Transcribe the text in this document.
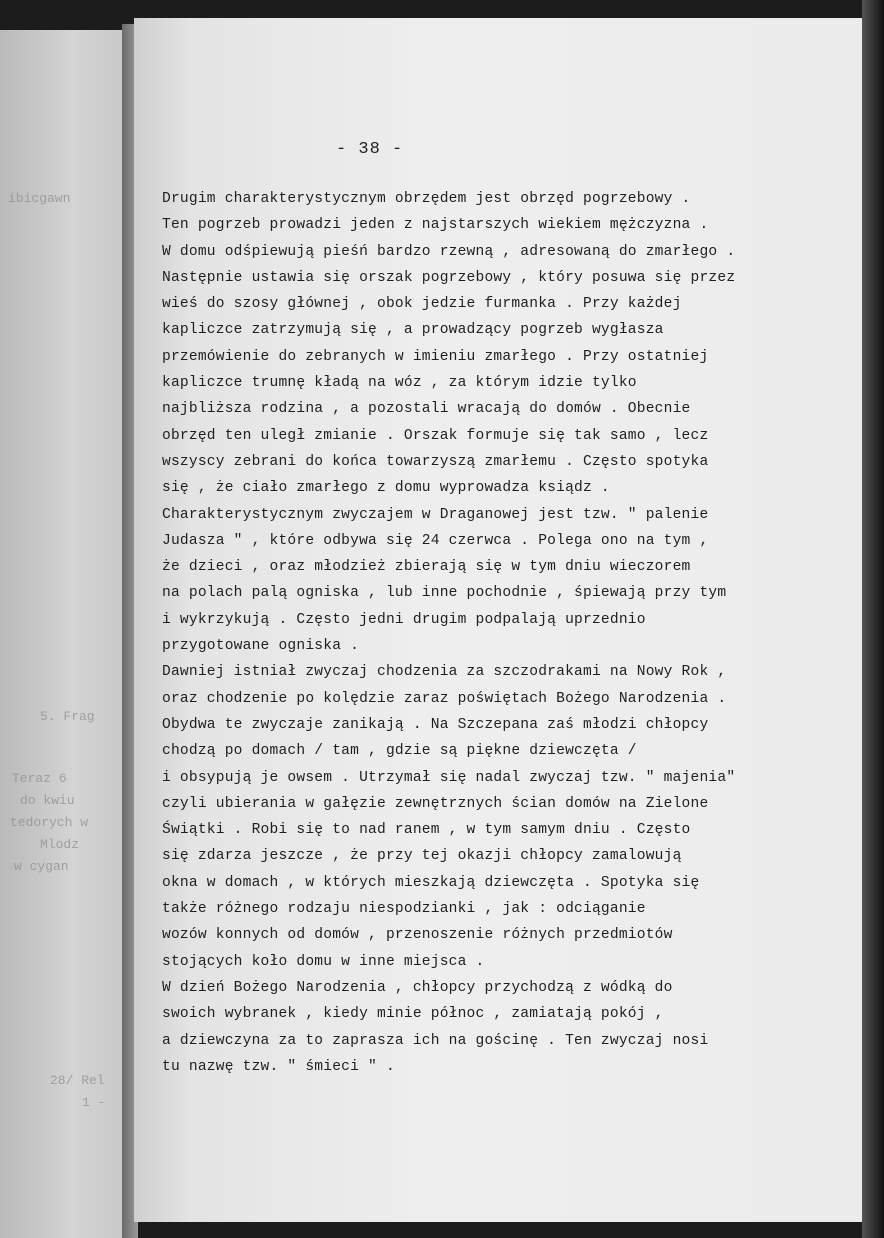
ibicgawn
5. Frag
Teraz 6
do kwiu
tedorych w
Mlodz
w cygan
28/ Rel
1 -
- 38 -
Drugim charakterystycznym obrzędem jest obrzęd pogrzebowy .
Ten pogrzeb prowadzi jeden z najstarszych wiekiem mężczyzna .
W domu odśpiewują pieśń bardzo rzewną , adresowaną do zmarłego .
Następnie ustawia się orszak pogrzebowy , który posuwa się przez
wieś do szosy głównej , obok jedzie furmanka . Przy każdej
kapliczce zatrzymują się , a prowadzący pogrzeb wygłasza
przemówienie do zebranych w imieniu zmarłego . Przy ostatniej
kapliczce trumnę kładą na wóz , za którym idzie tylko
najbliższa rodzina , a pozostali wracają do domów . Obecnie
obrzęd ten uległ zmianie . Orszak formuje się tak samo , lecz
wszyscy zebrani do końca towarzyszą zmarłemu . Często spotyka
się , że ciało zmarłego z domu wyprowadza ksiądz .
Charakterystycznym zwyczajem w Draganowej jest tzw. " palenie
Judasza " , które odbywa się 24 czerwca . Polega ono na tym ,
że dzieci , oraz młodzież zbierają się w tym dniu wieczorem
na polach palą ogniska , lub inne pochodnie , śpiewają przy tym
i wykrzykują . Często jedni drugim podpalają uprzednio
przygotowane ogniska .
Dawniej istniał zwyczaj chodzenia za szczodrakami na Nowy Rok ,
oraz chodzenie po kolędzie zaraz poświętach Bożego Narodzenia .
Obydwa te zwyczaje zanikają . Na Szczepana zaś młodzi chłopcy
chodzą po domach / tam , gdzie są piękne dziewczęta /
i obsypują je owsem . Utrzymał się nadal zwyczaj tzw. " majenia"
czyli ubierania w gałęzie zewnętrznych ścian domów na Zielone
Świątki . Robi się to nad ranem , w tym samym dniu . Często
się zdarza jeszcze , że przy tej okazji chłopcy zamalowują
okna w domach , w których mieszkają dziewczęta . Spotyka się
także różnego rodzaju niespodzianki , jak : odciąganie
wozów konnych od domów , przenoszenie różnych przedmiotów
stojących koło domu w inne miejsca .
W dzień Bożego Narodzenia , chłopcy przychodzą z wódką do
swoich wybranek , kiedy minie północ , zamiatają pokój ,
a dziewczyna za to zaprasza ich na gościnę . Ten zwyczaj nosi
tu nazwę tzw. " śmieci " .
